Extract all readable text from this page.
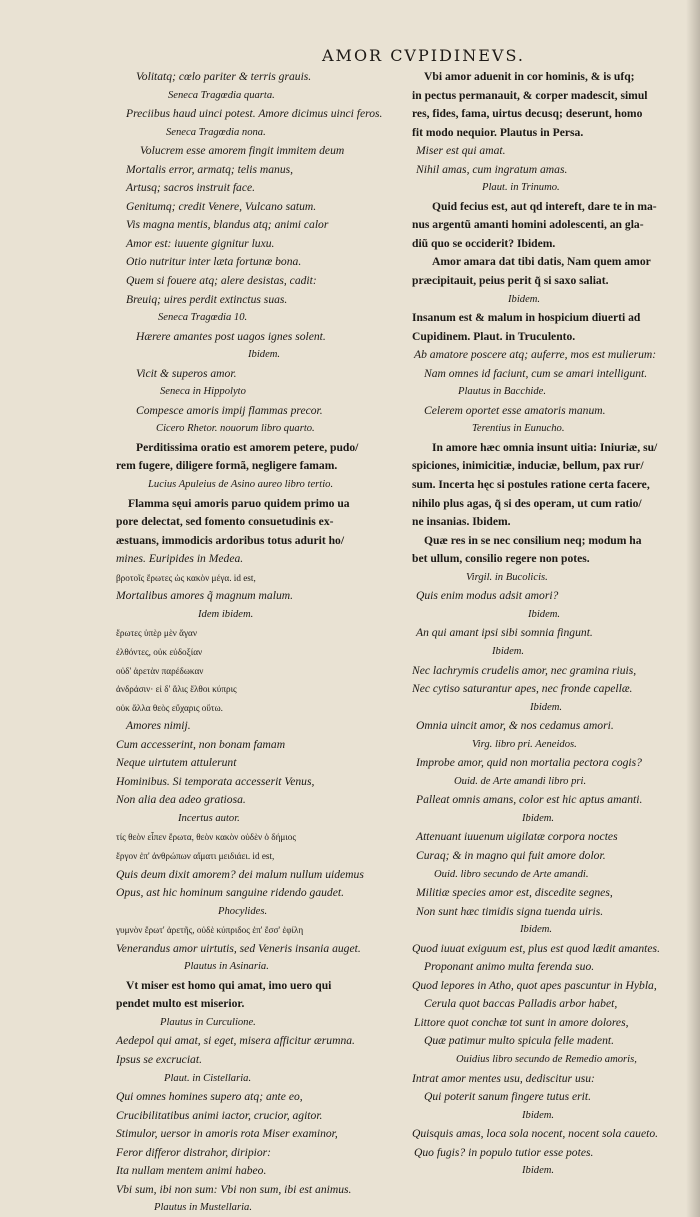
AMOR CVPIDINEVS.
Volitatq; cœlo pariter & terris grauis.
Seneca Tragœdia quarta.
Preciibus haud uinci potest. Amore dicimus uinci feros.
Seneca Tragœdia nona.
Volucrem esse amorem fingit immitem deum
Mortalis error, armatq; telis manus,
Artusq; sacros instruit face.
Genitumq; credit Venere, Vulcano satum.
Vis magna mentis, blandus atq; animi calor
Amor est: iuuente gignitur luxu.
Otio nutritur inter læta fortunæ bona.
Quem si fouere atq; alere desistas, cadit:
Breuiq; uires perdit extinctus suas.
Seneca Tragœdia 10.
Hærere amantes post uagos ignes solent.
Ibidem.
Vicit & superos amor.
Seneca in Hippolyto
Compesce amoris impij flammas precor.
Cicero Rhetor. nouorum libro quarto.
Perditissima oratio est amorem petere, pudo/
rem fugere, diligere formã, negligere famam.
Lucius Apuleius de Asino aureo libro tertio.
Flamma sęui amoris paruo quidem primo ua
pore delectat, sed fomento consuetudinis ex-
æstuans, immodicis ardoribus totus adurit ho/
mines. Euripides in Medea.
βροτοῖς ἔρωτες ὡς κακὸν μέγα. id est,
Mortalibus amores q̃ magnum malum.
Idem ibidem.
ἔρωτες ὑπὲρ μὲν ἄγαν
ἐλθόντες, οὐκ εὐδοξίαν
οὐδ' ἀρετὰν παρέδωκαν
ἀνδράσιν· εἰ δ' ἅλις ἔλθοι κύπρις
οὐκ ἄλλα θεὸς εὔχαρις οὕτω.
Amores nimij.
Cum accesserint, non bonam famam
Neque uirtutem attulerunt
Hominibus. Si temporata accesserit Venus,
Non alia dea adeo gratiosa.
Incertus autor.
τίς θεὸν εἶπεν ἔρωτα, θεὸν κακὸν οὐδὲν ὁ δήμιος
ἔργον ἐπ' ἀνθρώπων αἵματι μειδιάει. id est,
Quis deum dixit amorem? dei malum nullum uidemus
Opus, ast hic hominum sanguine ridendo gaudet.
Phocylides.
γυμνὸν ἔρωτ' ἀρετῆς, οὐδὲ κύπριδος ἐπ' ἔσσ' ἐφίλη
Venerandus amor uirtutis, sed Veneris insania auget.
Plautus in Asinaria.
Vt miser est homo qui amat, imo uero qui
pendet multo est miserior.
Plautus in Curculione.
Aedepol qui amat, si eget, misera afficitur ærumna.
Ipsus se excruciat.
Plaut. in Cistellaria.
Qui omnes homines supero atq; ante eo,
Crucibilitatibus animi iactor, crucior, agitor.
Stimulor, uersor in amoris rota Miser examinor,
Feror differor distrahor, diripior:
Ita nullam mentem animi habeo.
Vbi sum, ibi non sum: Vbi non sum, ibi est animus.
Plautus in Mustellaria.
Vbi amor aduenit in cor hominis, & is ufq;
in pectus permanauit, & corper madescit, simul
res, fides, fama, uirtus decusq; deserunt, homo
fit modo nequior. Plautus in Persa.
Miser est qui amat.
Nihil amas, cum ingratum amas.
Plaut. in Trinumo.
Quid fecius est, aut qd intereft, dare te in ma-
nus argentũ amanti homini adolescenti, an gla-
diũ quo se occiderit? Ibidem.
Amor amara dat tibi datis, Nam quem amor
præcipitauit, peius perit q̃ si saxo saliat.
Ibidem.
Insanum est & malum in hospicium diuerti ad
Cupidinem. Plaut. in Truculento.
Ab amatore poscere atq; auferre, mos est mulierum:
Nam omnes id faciunt, cum se amari intelligunt.
Plautus in Bacchide.
Celerem oportet esse amatoris manum.
Terentius in Eunucho.
In amore hæc omnia insunt uitia: Iniuriæ, su/
spiciones, inimicitiæ, induciæ, bellum, pax rur/
sum. Incerta hęc si postules ratione certa facere,
nihilo plus agas, q̃ si des operam, ut cum ratio/
ne insanias. Ibidem.
Quæ res in se nec consilium neq; modum ha
bet ullum, consilio regere non potes.
Virgil. in Bucolicis.
Quis enim modus adsit amori?
Ibidem.
An qui amant ipsi sibi somnia fingunt.
Ibidem.
Nec lachrymis crudelis amor, nec gramina riuis,
Nec cytiso saturantur apes, nec fronde capellæ.
Ibidem.
Omnia uincit amor, & nos cedamus amori.
Virg. libro pri. Aeneidos.
Improbe amor, quid non mortalia pectora cogis?
Ouid. de Arte amandi libro pri.
Palleat omnis amans, color est hic aptus amanti.
Ibidem.
Attenuant iuuenum uigilatæ corpora noctes
Curaq; & in magno qui fuit amore dolor.
Ouid. libro secundo de Arte amandi.
Militiæ species amor est, discedite segnes,
Non sunt hæc timidis signa tuenda uiris.
Ibidem.
Quod iuuat exiguum est, plus est quod lædit amantes.
Proponant animo multa ferenda suo.
Quod lepores in Atho, quot apes pascuntur in Hybla,
Cerula quot baccas Palladis arbor habet,
Littore quot conchæ tot sunt in amore dolores,
Quæ patimur multo spicula felle madent.
Ouidius libro secundo de Remedio amoris,
Intrat amor mentes usu, dediscitur usu:
Qui poterit sanum fingere tutus erit.
Ibidem.
Quisquis amas, loca sola nocent, nocent sola caueto.
Quo fugis? in populo tutior esse potes.
Ibidem.
